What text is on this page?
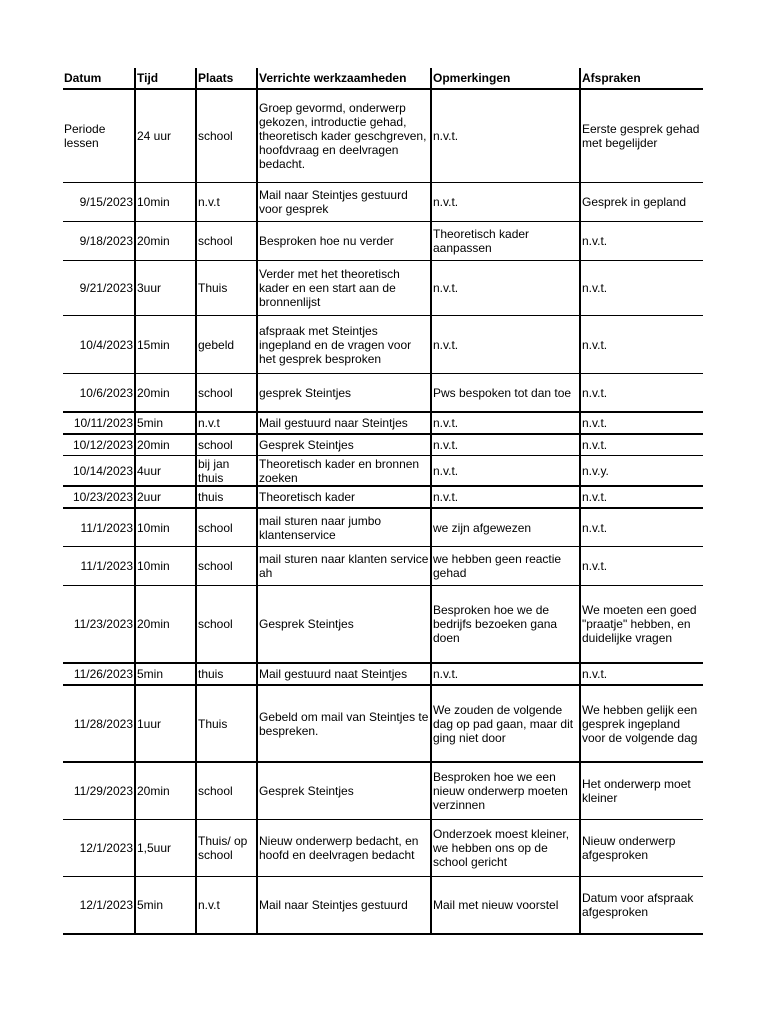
Datum	Tijd	Plaats	Verrichte werkzaamheden	Opmerkingen	Afspraken
Periode lessen	24 uur	school	Groep gevormd, onderwerp gekozen, introductie gehad, theoretisch kader geschgreven, hoofdvraag en deelvragen bedacht.	n.v.t.	Eerste gesprek gehad met begelijder
9/15/2023	10min	n.v.t	Mail naar Steintjes gestuurd voor gesprek	n.v.t.	Gesprek in gepland
9/18/2023	20min	school	Besproken hoe nu verder	Theoretisch kader aanpassen	n.v.t.
9/21/2023	3uur	Thuis	Verder met het theoretisch kader en een start aan de bronnenlijst	n.v.t.	n.v.t.
10/4/2023	15min	gebeld	afspraak met Steintjes ingepland en de vragen voor het gesprek besproken	n.v.t.	n.v.t.
10/6/2023	20min	school	gesprek Steintjes	Pws bespoken tot dan toe	n.v.t.
10/11/2023	5min	n.v.t	Mail gestuurd naar Steintjes	n.v.t.	n.v.t.
10/12/2023	20min	school	Gesprek Steintjes	n.v.t.	n.v.t.
10/14/2023	4uur	bij jan thuis	Theoretisch kader en bronnen zoeken	n.v.t.	n.v.y.
10/23/2023	2uur	thuis	Theoretisch kader	n.v.t.	n.v.t.
11/1/2023	10min	school	mail sturen naar jumbo klantenservice	we zijn afgewezen	n.v.t.
11/1/2023	10min	school	mail sturen naar klanten service ah	we hebben geen reactie gehad	n.v.t.
11/23/2023	20min	school	Gesprek Steintjes	Besproken hoe we de bedrijfs bezoeken gana doen	We moeten een goed "praatje" hebben, en duidelijke vragen
11/26/2023	5min	thuis	Mail gestuurd naat Steintjes	n.v.t.	n.v.t.
11/28/2023	1uur	Thuis	Gebeld om mail van Steintjes te bespreken.	We zouden de volgende dag op pad gaan, maar dit ging niet door	We hebben gelijk een gesprek ingepland voor de volgende dag
11/29/2023	20min	school	Gesprek Steintjes	Besproken hoe we een nieuw onderwerp moeten verzinnen	Het onderwerp moet kleiner
12/1/2023	1,5uur	Thuis/ op school	Nieuw onderwerp bedacht, en hoofd en deelvragen bedacht	Onderzoek moest kleiner, we hebben ons op de school gericht	Nieuw onderwerp afgesproken
12/1/2023	5min	n.v.t	Mail naar Steintjes gestuurd	Mail met nieuw voorstel	Datum voor afspraak afgesproken
